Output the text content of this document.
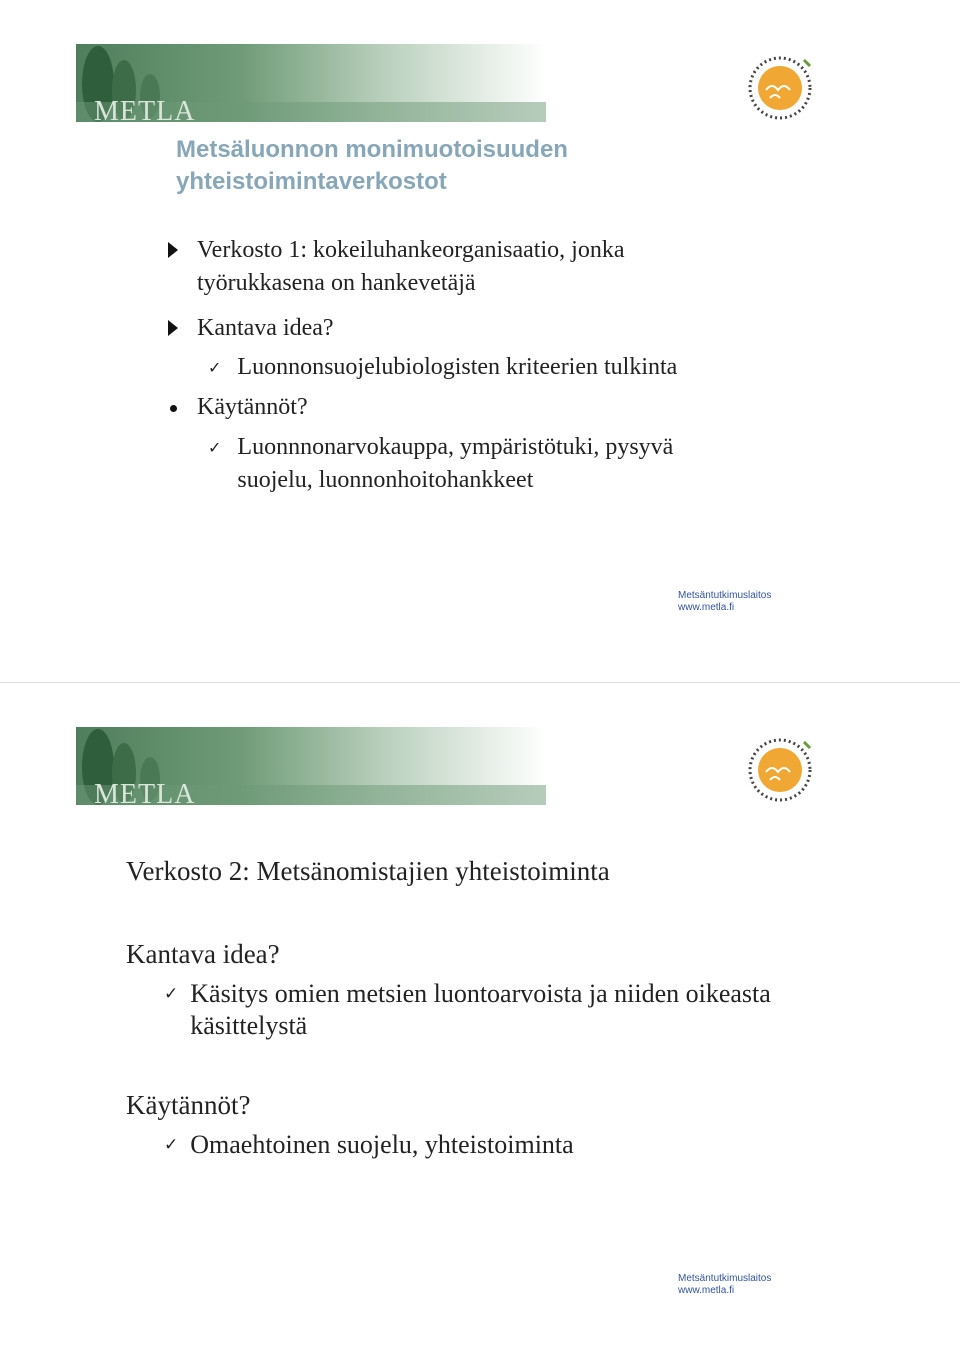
METLA
Metsäluonnon monimuotoisuuden
yhteistoimintaverkostot
Verkosto 1: kokeiluhankeorganisaatio, jonka
työrukkasena on hankevetäjä
Kantava idea?
✓ Luonnonsuojelubiologisten kriteerien tulkinta
Käytännöt?
✓ Luonnnonarvokauppa, ympäristötuki, pysyvä
suojelu, luonnonhoitohankkeet
Metsäntutkimuslaitos
www.metla.fi
METLA
Verkosto 2: Metsänomistajien yhteistoiminta
Kantava idea?
✓ Käsitys omien metsien luontoarvoista ja niiden oikeasta
käsittelystä
Käytännöt?
✓ Omaehtoinen suojelu, yhteistoiminta
Metsäntutkimuslaitos
www.metla.fi
